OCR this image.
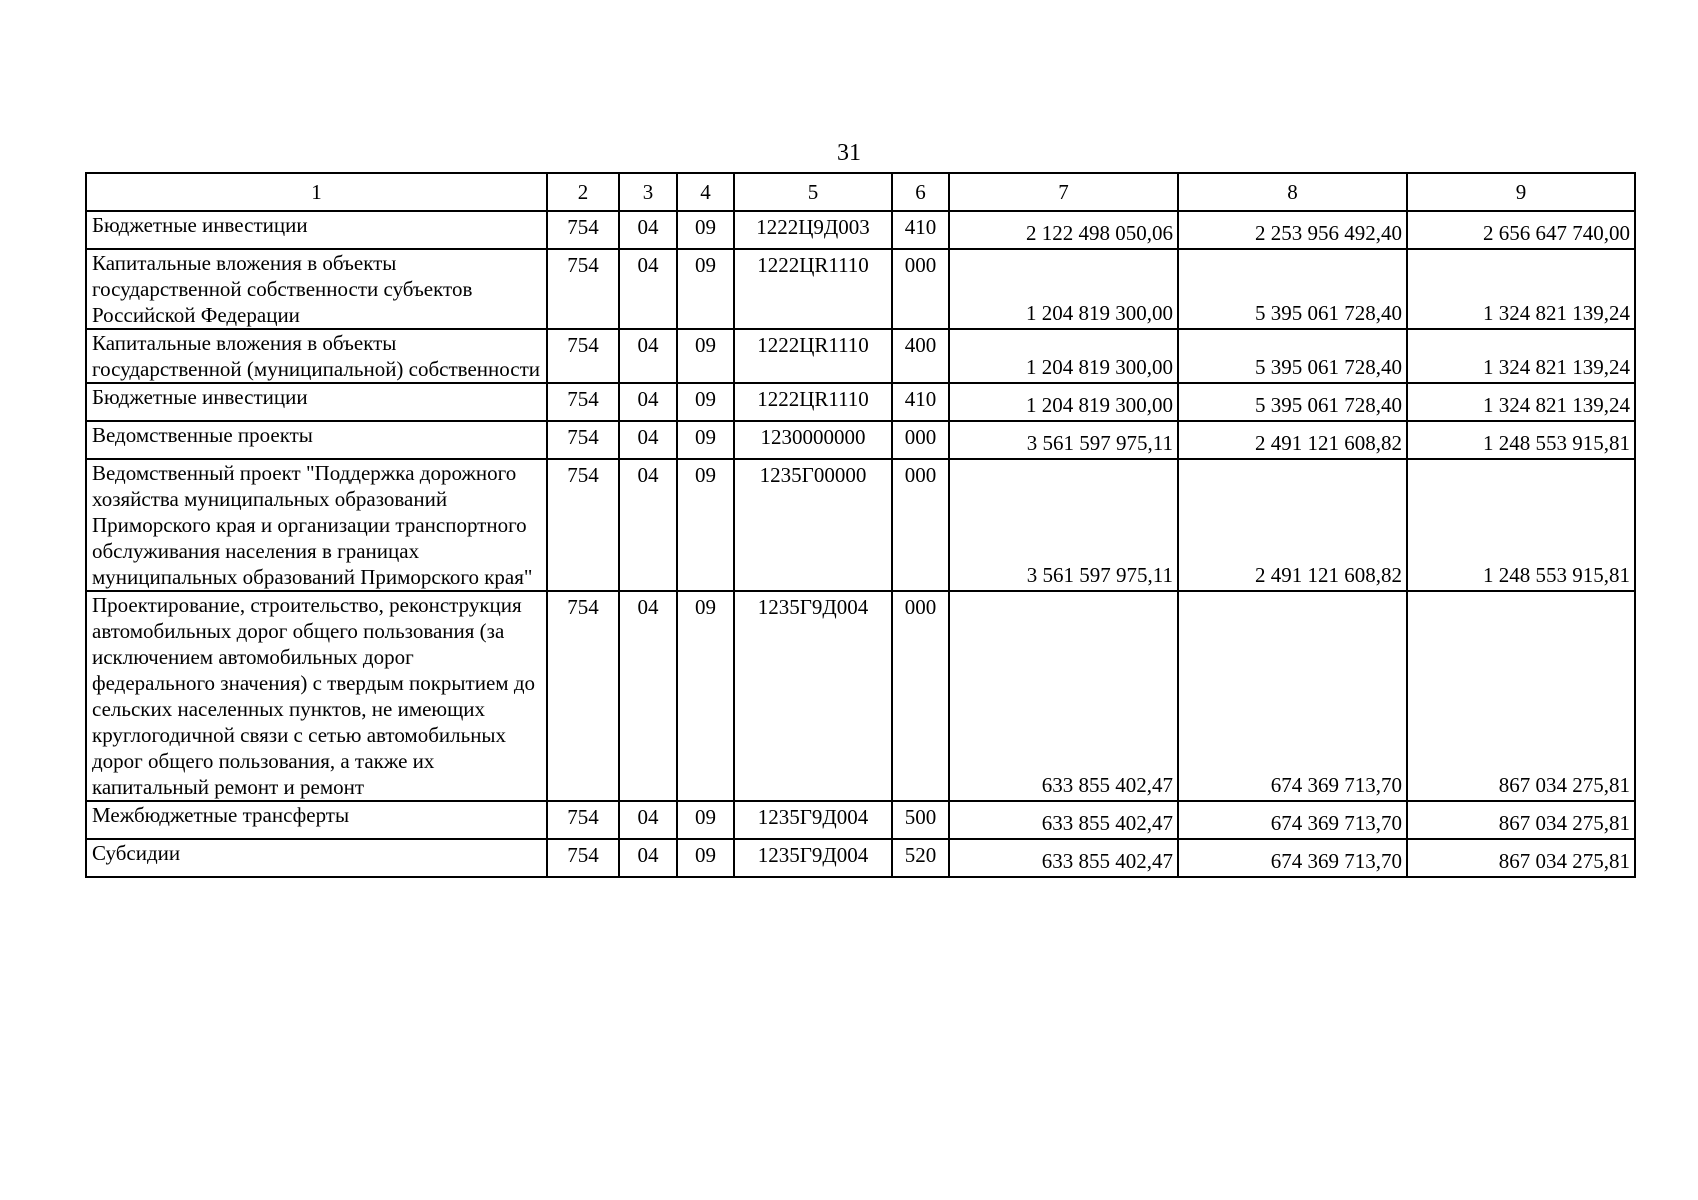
31
1	2	3	4	5	6	7	8	9
Бюджетные инвестиции	754	04	09	1222Ц9Д003	410	2 122 498 050,06	2 253 956 492,40	2 656 647 740,00
Капитальные вложения в объекты государственной собственности субъектов Российской Федерации	754	04	09	1222ЦR1110	000	1 204 819 300,00	5 395 061 728,40	1 324 821 139,24
Капитальные вложения в объекты государственной (муниципальной) собственности	754	04	09	1222ЦR1110	400	1 204 819 300,00	5 395 061 728,40	1 324 821 139,24
Бюджетные инвестиции	754	04	09	1222ЦR1110	410	1 204 819 300,00	5 395 061 728,40	1 324 821 139,24
Ведомственные проекты	754	04	09	1230000000	000	3 561 597 975,11	2 491 121 608,82	1 248 553 915,81
Ведомственный проект "Поддержка дорожного хозяйства муниципальных образований Приморского края и организации транспортного обслуживания населения в границах муниципальных образований Приморского края"	754	04	09	1235Г00000	000	3 561 597 975,11	2 491 121 608,82	1 248 553 915,81
Проектирование, строительство, реконструкция автомобильных дорог общего пользования (за исключением автомобильных дорог федерального значения) с твердым покрытием до сельских населенных пунктов, не имеющих круглогодичной связи с сетью автомобильных дорог общего пользования, а также их капитальный ремонт и ремонт	754	04	09	1235Г9Д004	000	633 855 402,47	674 369 713,70	867 034 275,81
Межбюджетные трансферты	754	04	09	1235Г9Д004	500	633 855 402,47	674 369 713,70	867 034 275,81
Субсидии	754	04	09	1235Г9Д004	520	633 855 402,47	674 369 713,70	867 034 275,81
